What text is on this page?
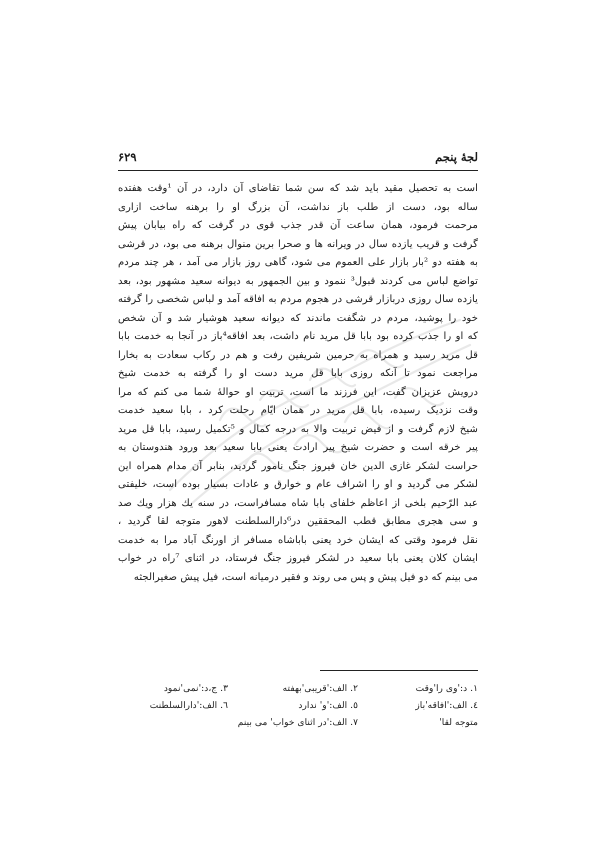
لجهٔ پنجم
۶۲۹
است به تحصیل مقید باید شد که سن شما تقاضای آن دارد، در آن ¹وقت هفتده
ساله بود، دست از طلب باز نداشت، آن بزرگ او را برهنه ساخت ازاری
مرحمت فرمود، همان ساعت آن قدر جذب قوی در گرفت که راه بیابان پیش
گرفت و قریب یازده سال در ویرانه ها و صحرا برین منوال برهنه می بود، در قرشی
به هفته دو ²بار بازار علی العموم می شود، گاهی روز بازار می آمد ، هر چند مردم
تواضع لباس می کردند قبول³ ننمود و بین الجمهور به دیوانه سعید مشهور بود، بعد
یازده سال روزی دربازار قرشی در هجوم مردم به افاقه آمد و لباس شخصی را گرفته
خود را پوشید، مردم در شگفت ماندند که دیوانه سعید هوشیار شد و آن شخص
که او را جذب کرده بود بابا قل مرید نام داشت، بعد افاقه⁴باز در آنجا به خدمت بابا
قل مرید رسید و همراه به حرمین شریفین رفت و هم در رکاب سعادت به بخارا
مراجعت نمود تا آنکه روزی بابا قل مرید دست او را گرفته به خدمت شیخ
درویش عزیزان گفت، این فرزند ما است، تربیت او حوالهٔ شما می کنم که مرا
وقت نزدیک رسیده، بابا قل مرید در همان ایّام رحلت کرد ، بابا سعید خدمت
شیخ لازم گرفت و از فیض تربیت والا به درجه کمال و ⁵تکمیل رسید، بابا قل مرید
پیر خرقه است و حضرت شیخ پیر ارادت یعنی بابا سعید بعد ورود هندوستان به
حراست لشکر غازی الدین خان فیروز جنگ نامور گردید، بنابر آن مدام همراه این
لشکر می گردید و او را اشراف عام و خوارق و عادات بسیار بوده است، خلیفتی
عبد الرّحیم بلخی از اعاظم خلفای بابا شاه مسافراست، در سنه یك هزار ویك صد
و سی هجری مطابق قطب المحققین در⁶دارالسلطنت لاهور متوجه لقا گردید ،
نقل فرمود وقتی که ایشان خرد یعنی باباشاه مسافر از اورنگ آباد مرا به خدمت
ایشان کلان یعنی بابا سعید در لشکر فیروز جنگ فرستاد، در اثنای ⁷راه در خواب
می بینم که دو فیل پیش و پس می روند و فقیر درمیانه است، فیل پیش صغیرالجثه
۱. د:'وی را'وقت
۲. الف:'قریبی'بهفته
۳. ج،د:'نمی'نمود
٤. الف:'افاقه'باز
٥. الف:'و' ندارد
٦. الف:'دارالسلطنت
متوجه لقا'
۷. الف:'در اثنای خواب' می بینم
